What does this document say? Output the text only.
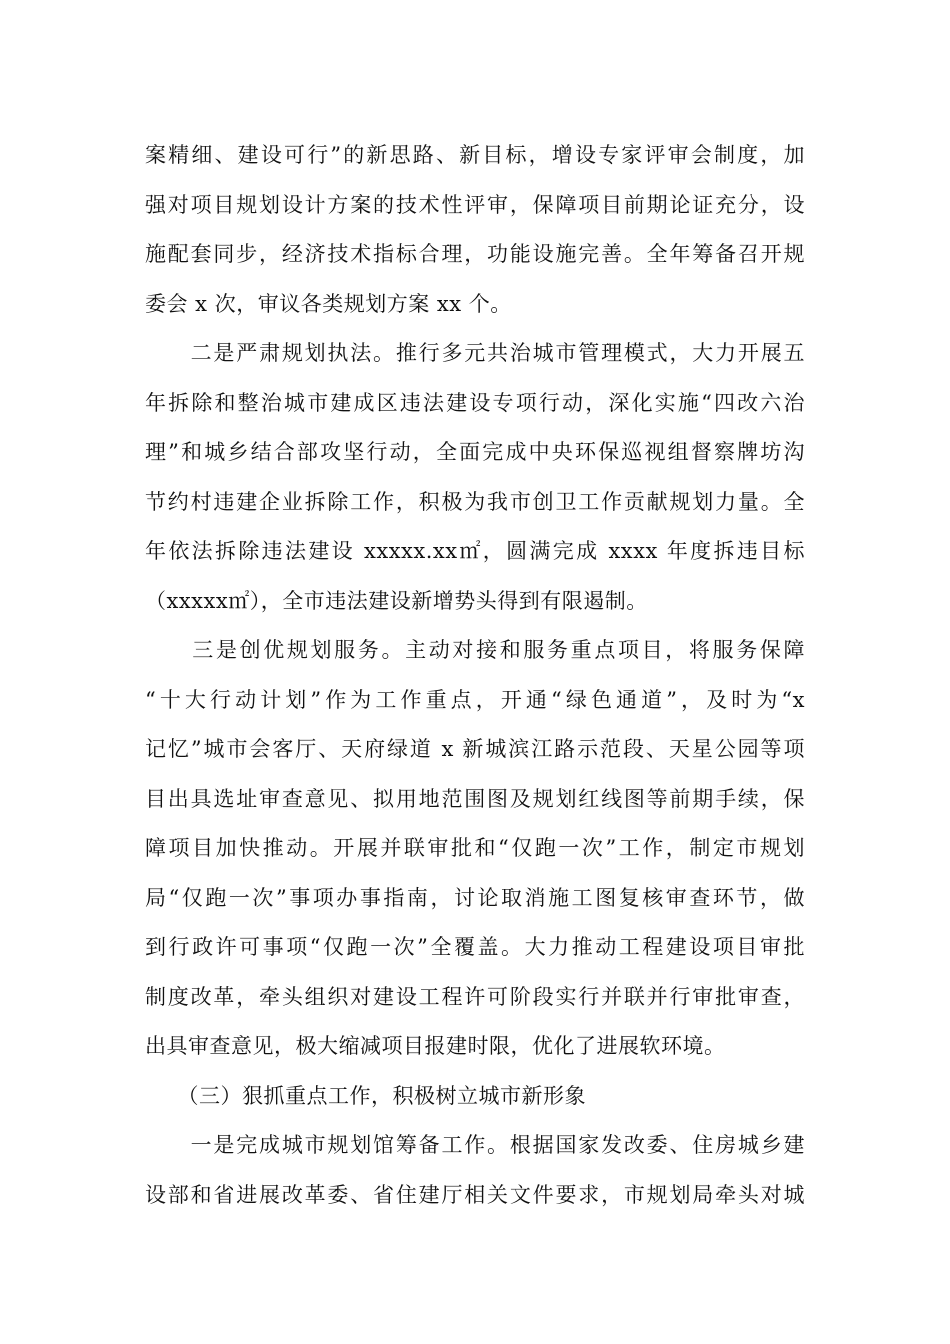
案精细、建设可行”的新思路、新目标，增设专家评审会制度，加
强对项目规划设计方案的技术性评审，保障项目前期论证充分，设
施配套同步，经济技术指标合理，功能设施完善。全年筹备召开规
委会 x 次，审议各类规划方案 xx 个。
　　二是严肃规划执法。推行多元共治城市管理模式，大力开展五
年拆除和整治城市建成区违法建设专项行动，深化实施“四改六治
理”和城乡结合部攻坚行动，全面完成中央环保巡视组督察牌坊沟
节约村违建企业拆除工作，积极为我市创卫工作贡献规划力量。全
年依法拆除违法建设 xxxxx.xx㎡，圆满完成 xxxx 年度拆违目标
（xxxxx㎡），全市违法建设新增势头得到有限遏制。
　　三是创优规划服务。主动对接和服务重点项目，将服务保障
“十大行动计划”作为工作重点，开通“绿色通道”，及时为“x
记忆”城市会客厅、天府绿道 x 新城滨江路示范段、天星公园等项
目出具选址审查意见、拟用地范围图及规划红线图等前期手续，保
障项目加快推动。开展并联审批和“仅跑一次”工作，制定市规划
局“仅跑一次”事项办事指南，讨论取消施工图复核审查环节，做
到行政许可事项“仅跑一次”全覆盖。大力推动工程建设项目审批
制度改革，牵头组织对建设工程许可阶段实行并联并行审批审查，
出具审查意见，极大缩减项目报建时限，优化了进展软环境。
　　（三）狠抓重点工作，积极树立城市新形象
　　一是完成城市规划馆筹备工作。根据国家发改委、住房城乡建
设部和省进展改革委、省住建厅相关文件要求，市规划局牵头对城
